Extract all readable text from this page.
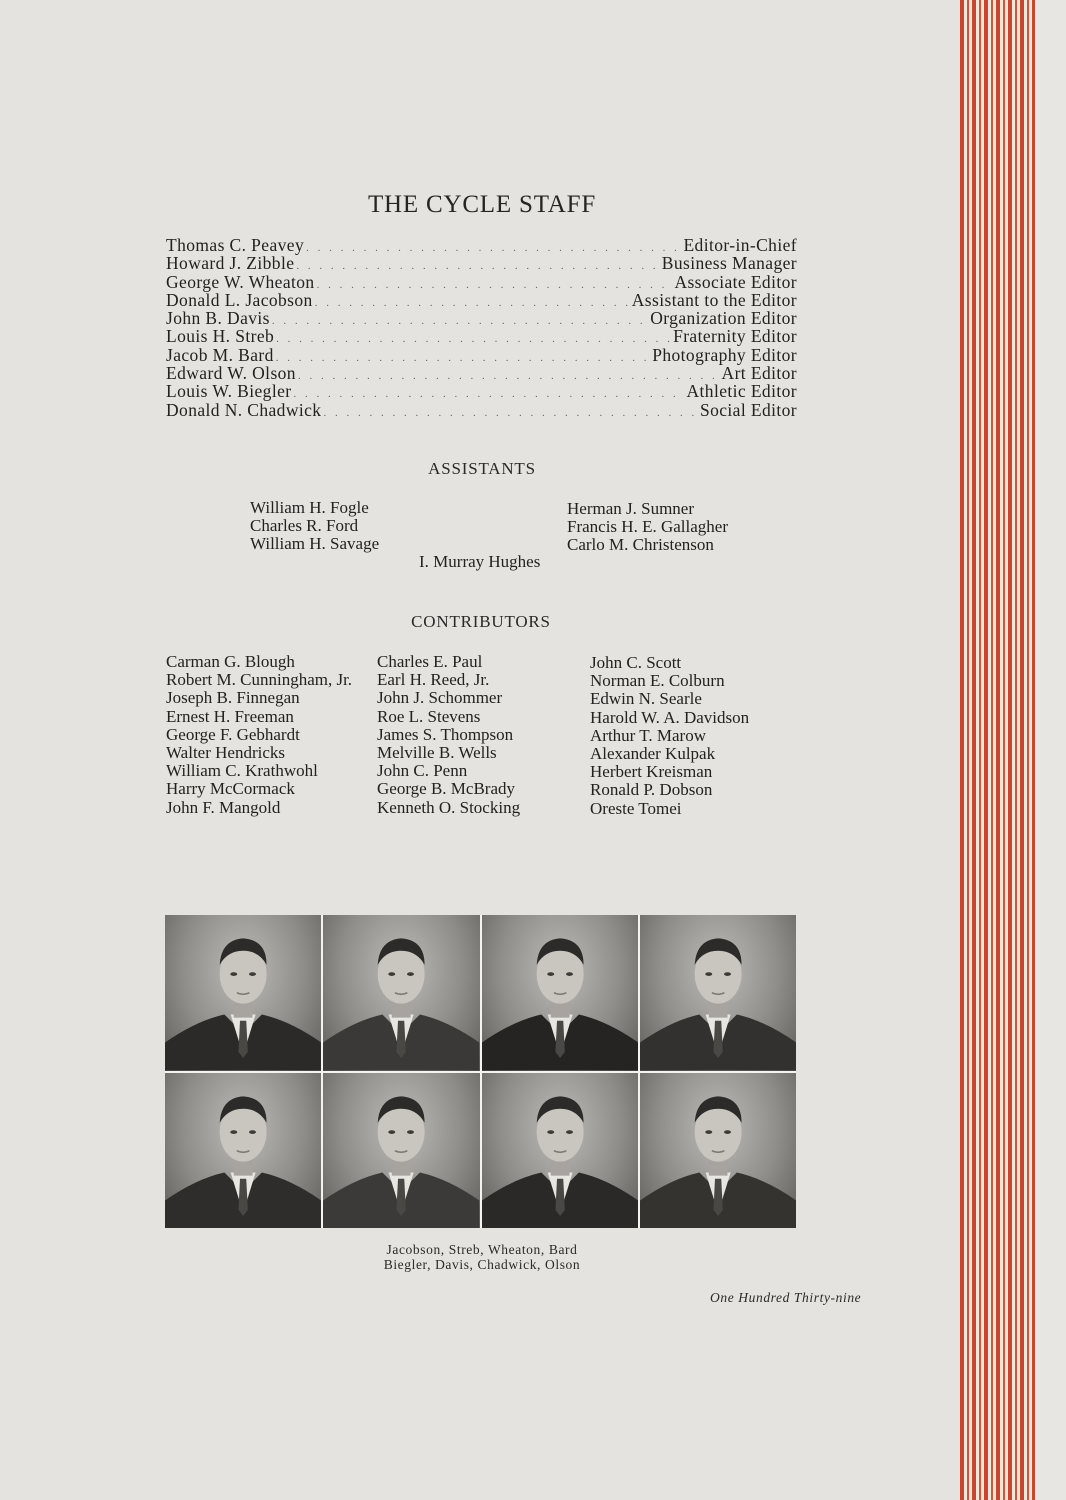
THE CYCLE STAFF
Thomas C. Peavey . . .	Editor-in-Chief
Howard J. Zibble . . .	Business Manager
George W. Wheaton . . .	Associate Editor
Donald L. Jacobson . . .	Assistant to the Editor
John B. Davis . . .	Organization Editor
Louis H. Streb . . .	Fraternity Editor
Jacob M. Bard . . .	Photography Editor
Edward W. Olson . . .	Art Editor
Louis W. Biegler . . .	Athletic Editor
Donald N. Chadwick . . .	Social Editor
ASSISTANTS
William H. Fogle
Charles R. Ford
William H. Savage
Herman J. Sumner
Francis H. E. Gallagher
Carlo M. Christenson
I. Murray Hughes
CONTRIBUTORS
Carman G. Blough
Robert M. Cunningham, Jr.
Joseph B. Finnegan
Ernest H. Freeman
George F. Gebhardt
Walter Hendricks
William C. Krathwohl
Harry McCormack
John F. Mangold
Charles E. Paul
Earl H. Reed, Jr.
John J. Schommer
Roe L. Stevens
James S. Thompson
Melville B. Wells
John C. Penn
George B. McBrady
Kenneth O. Stocking
John C. Scott
Norman E. Colburn
Edwin N. Searle
Harold W. A. Davidson
Arthur T. Marow
Alexander Kulpak
Herbert Kreisman
Ronald P. Dobson
Oreste Tomei
Jacobson, Streb, Wheaton, Bard
Biegler, Davis, Chadwick, Olson
One Hundred Thirty-nine
